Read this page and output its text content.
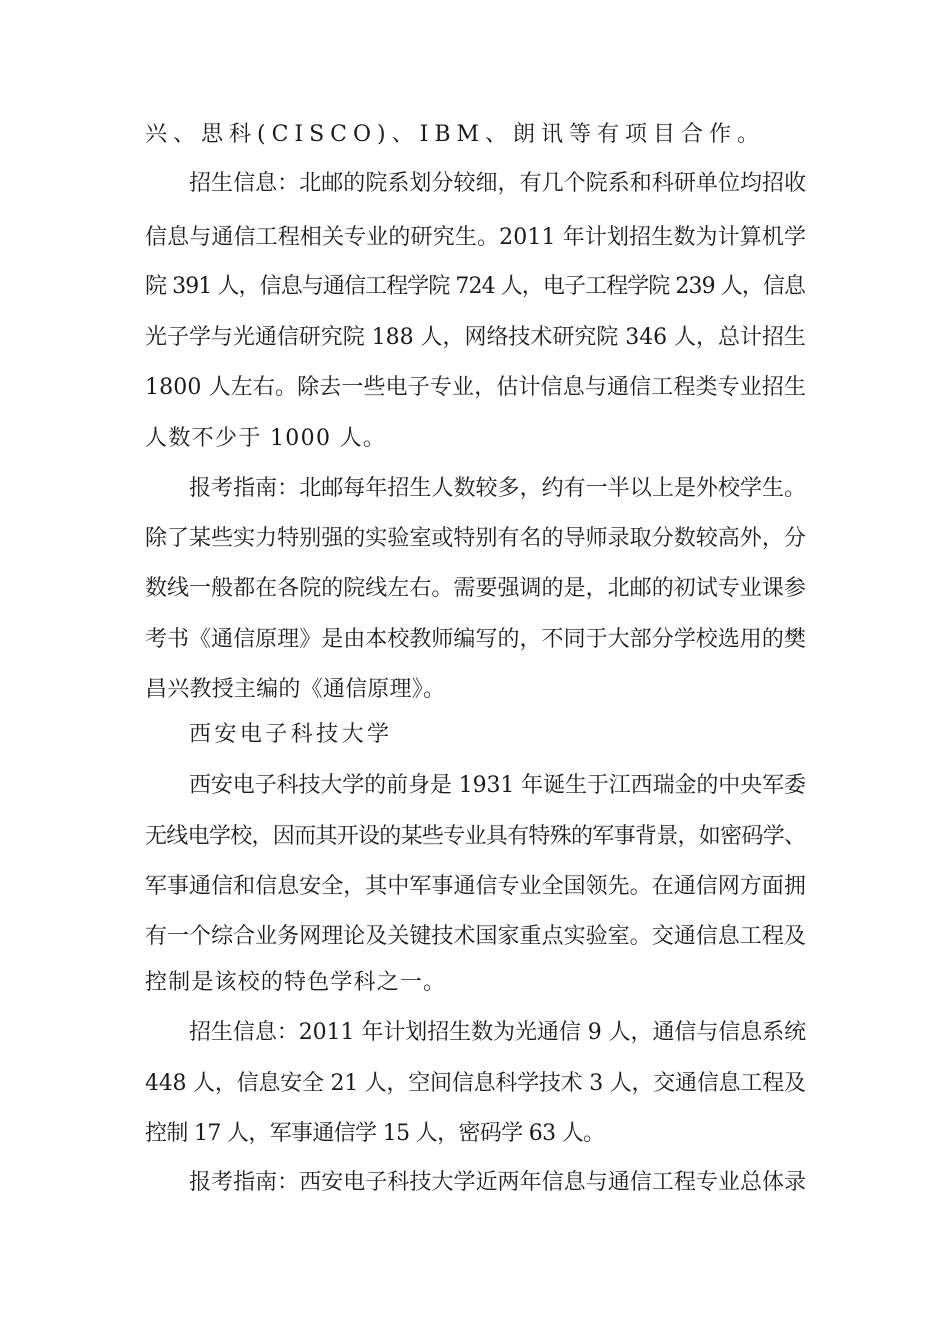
兴、思科(CISCO)、IBM、朗讯等有项目合作。
招生信息：北邮的院系划分较细，有几个院系和科研单位均招收
信息与通信工程相关专业的研究生。2011 年计划招生数为计算机学
院 391 人，信息与通信工程学院 724 人，电子工程学院 239 人，信息
光子学与光通信研究院 188 人，网络技术研究院 346 人，总计招生
1800 人左右。除去一些电子专业，估计信息与通信工程类专业招生
人数不少于 1000 人。
报考指南：北邮每年招生人数较多，约有一半以上是外校学生。
除了某些实力特别强的实验室或特别有名的导师录取分数较高外，分
数线一般都在各院的院线左右。需要强调的是，北邮的初试专业课参
考书《通信原理》是由本校教师编写的，不同于大部分学校选用的樊
昌兴教授主编的《通信原理》。
西安电子科技大学
西安电子科技大学的前身是 1931 年诞生于江西瑞金的中央军委
无线电学校，因而其开设的某些专业具有特殊的军事背景，如密码学、
军事通信和信息安全，其中军事通信专业全国领先。在通信网方面拥
有一个综合业务网理论及关键技术国家重点实验室。交通信息工程及
控制是该校的特色学科之一。
招生信息：2011 年计划招生数为光通信 9 人，通信与信息系统
448 人，信息安全 21 人，空间信息科学技术 3 人，交通信息工程及
控制 17 人，军事通信学 15 人，密码学 63 人。
报考指南：西安电子科技大学近两年信息与通信工程专业总体录
